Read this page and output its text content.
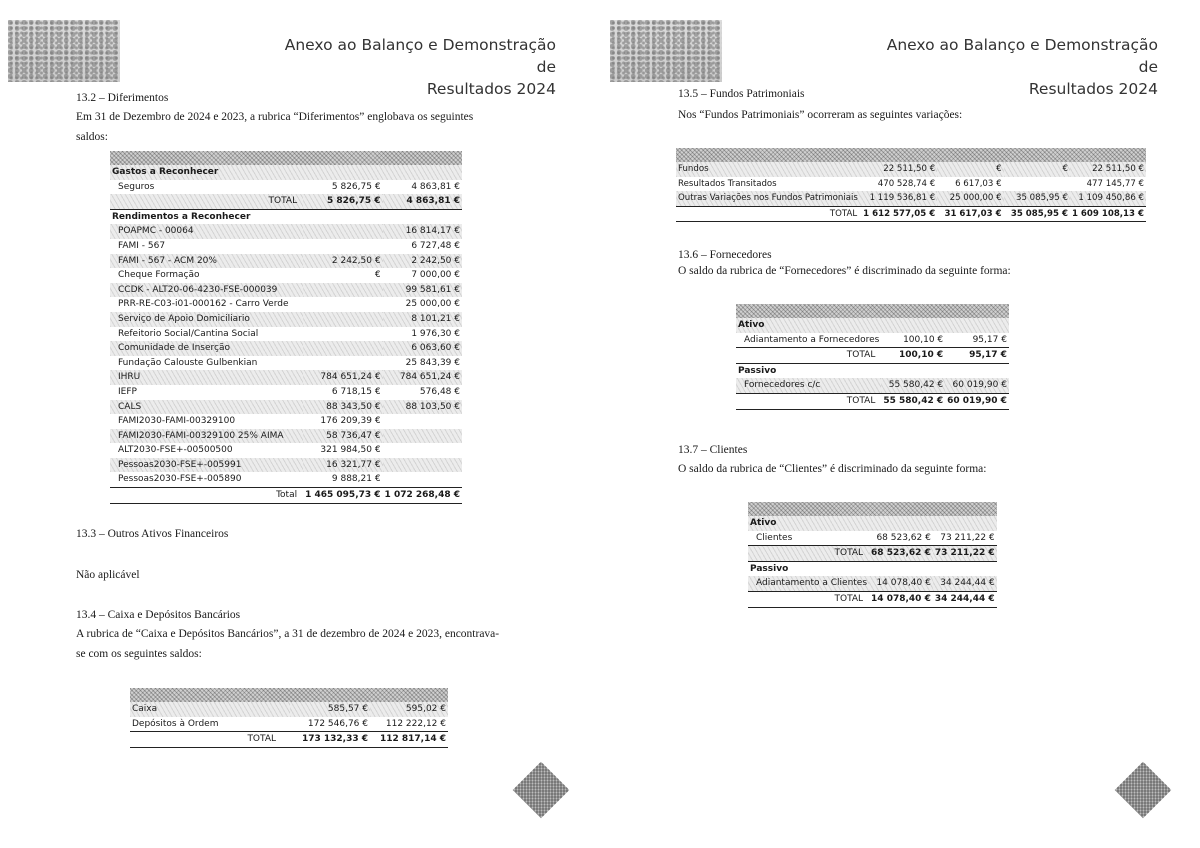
Anexo ao Balanço e Demonstração de
Resultados 2024
13.2 – Diferimentos
Em 31 de Dezembro de 2024 e 2023, a rubrica “Diferimentos” englobava os seguintes
saldos:

Gastos a Reconhecer		
Seguros	5 826,75 €	4 863,81 €
TOTAL	5 826,75 €	4 863,81 €
Rendimentos a Reconhecer		
POAPMC - 00064		16 814,17 €
FAMI - 567		6 727,48 €
FAMI - 567 - ACM 20%	2 242,50 €	2 242,50 €
Cheque Formação	€	7 000,00 €
CCDK - ALT20-06-4230-FSE-000039		99 581,61 €
PRR-RE-C03-i01-000162 - Carro Verde		25 000,00 €
Serviço de Apoio Domiciliario		8 101,21 €
Refeitorio Social/Cantina Social		1 976,30 €
Comunidade de Inserção		6 063,60 €
Fundação Calouste Gulbenkian		25 843,39 €
IHRU	784 651,24 €	784 651,24 €
IEFP	6 718,15 €	576,48 €
CALS	88 343,50 €	88 103,50 €
FAMI2030-FAMI-00329100	176 209,39 €	
FAMI2030-FAMI-00329100 25% AIMA	58 736,47 €	
ALT2030-FSE+-00500500	321 984,50 €	
Pessoas2030-FSE+-005991	16 321,77 €	
Pessoas2030-FSE+-005890	9 888,21 €	
Total	1 465 095,73 €	1 072 268,48 €
13.3 – Outros Ativos Financeiros
Não aplicável
13.4 – Caixa e Depósitos Bancários
A rubrica de “Caixa e Depósitos Bancários”, a 31 de dezembro de 2024 e 2023, encontrava-
se com os seguintes saldos:

Caixa	585,57 €	595,02 €
Depósitos à Ordem	172 546,76 €	112 222,12 €
TOTAL	173 132,33 €	112 817,14 €
Anexo ao Balanço e Demonstração de
Resultados 2024
13.5 – Fundos Patrimoniais
Nos “Fundos Patrimoniais” ocorreram as seguintes variações:

Fundos	22 511,50 €	€	€	22 511,50 €
Resultados Transitados	470 528,74 €	6 617,03 €		477 145,77 €
Outras Variações nos Fundos Patrimoniais	1 119 536,81 €	25 000,00 €	35 085,95 €	1 109 450,86 €
TOTAL	1 612 577,05 €	31 617,03 €	35 085,95 €	1 609 108,13 €
13.6 – Fornecedores
O saldo da rubrica de “Fornecedores” é discriminado da seguinte forma:

Ativo		
Adiantamento a Fornecedores	100,10 €	95,17 €
TOTAL	100,10 €	95,17 €
Passivo		
Fornecedores c/c	55 580,42 €	60 019,90 €
TOTAL	55 580,42 €	60 019,90 €
13.7 – Clientes
O saldo da rubrica de “Clientes” é discriminado da seguinte forma:

Ativo		
Clientes	68 523,62 €	73 211,22 €
TOTAL	68 523,62 €	73 211,22 €
Passivo		
Adiantamento a Clientes	14 078,40 €	34 244,44 €
TOTAL	14 078,40 €	34 244,44 €
